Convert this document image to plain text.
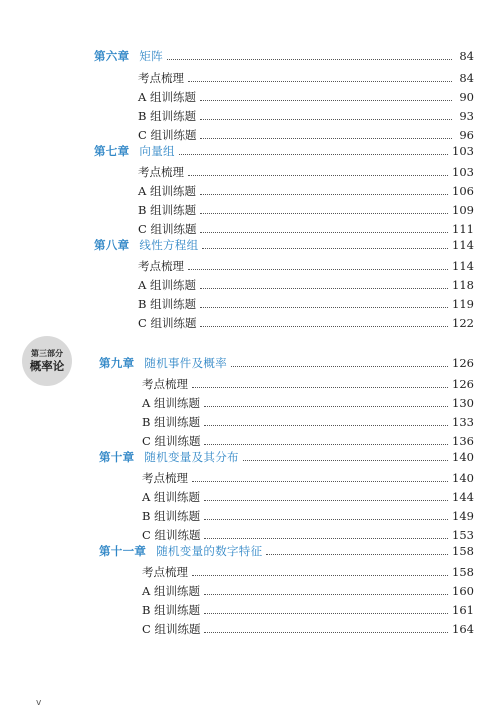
第六章 矩阵	84
考点梳理	84
A 组训练题	90
B 组训练题	93
C 组训练题	96
第七章 向量组	103
考点梳理	103
A 组训练题	106
B 组训练题	109
C 组训练题	111
第八章 线性方程组	114
考点梳理	114
A 组训练题	118
B 组训练题	119
C 组训练题	122
第九章 随机事件及概率	126
考点梳理	126
A 组训练题	130
B 组训练题	133
C 组训练题	136
第十章 随机变量及其分布	140
考点梳理	140
A 组训练题	144
B 组训练题	149
C 组训练题	153
第十一章 随机变量的数字特征	158
考点梳理	158
A 组训练题	160
B 组训练题	161
C 组训练题	164
第三部分
概率论
v
